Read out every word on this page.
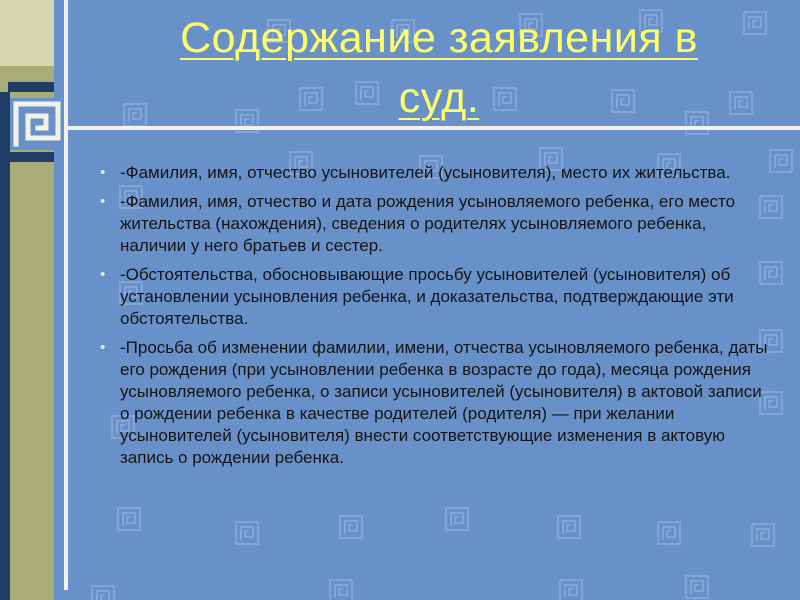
Содержание заявления в
суд.
• -Фамилия, имя, отчество усыновителей (усыновителя), место их жительства.
• -Фамилия, имя, отчество и дата рождения усыновляемого ребенка, его место жительства (нахождения), сведения о родителях усыновляемого ребенка, наличии у него братьев и сестер.
• -Обстоятельства, обосновывающие просьбу усыновителей (усыновителя) об установлении усыновления ребенка, и доказательства, подтверждающие эти обстоятельства.
• -Просьба об изменении фамилии, имени, отчества усыновляемого ребенка, даты его рождения (при усыновлении ребенка в возрасте до года), месяца рождения усыновляемого ребенка, о записи усыновителей (усыновителя) в актовой записи о рождении ребенка в качестве родителей (родителя) — при желании усыновителей (усыновителя) внести соответствующие изменения в актовую запись о рождении ребенка.
